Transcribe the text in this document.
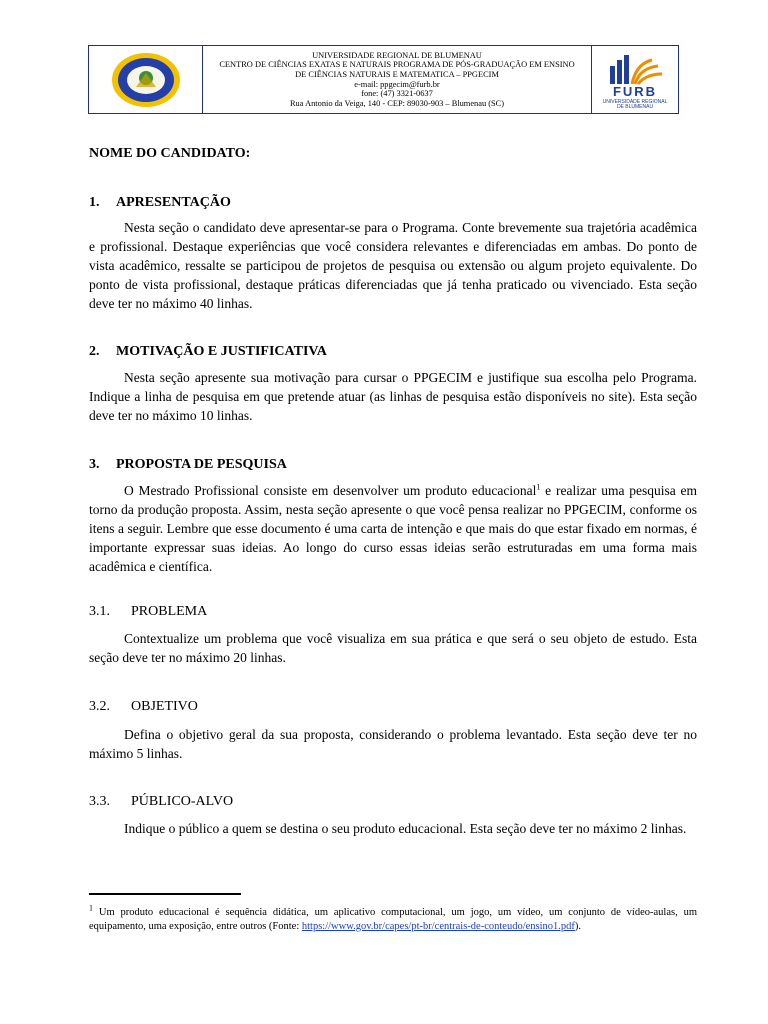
UNIVERSIDADE REGIONAL DE BLUMENAU
CENTRO DE CIÊNCIAS EXATAS E NATURAIS PROGRAMA DE PÓS-GRADUAÇÃO EM ENSINO
DE CIÊNCIAS NATURAIS E MATEMATICA – PPGECIM
e-mail: ppgecim@furb.br
fone: (47) 3321-0637
Rua Antonio da Veiga, 140 - CEP: 89030-903 – Blumenau (SC)
FURB
UNIVERSIDADE REGIONAL
DE BLUMENAU
NOME DO CANDIDATO:
1. APRESENTAÇÃO
Nesta seção o candidato deve apresentar-se para o Programa. Conte brevemente sua trajetória acadêmica e profissional. Destaque experiências que você considera relevantes e diferenciadas em ambas. Do ponto de vista acadêmico, ressalte se participou de projetos de pesquisa ou extensão ou algum projeto equivalente. Do ponto de vista profissional, destaque práticas diferenciadas que já tenha praticado ou vivenciado. Esta seção deve ter no máximo 40 linhas.
2. MOTIVAÇÃO E JUSTIFICATIVA
Nesta seção apresente sua motivação para cursar o PPGECIM e justifique sua escolha pelo Programa. Indique a linha de pesquisa em que pretende atuar (as linhas de pesquisa estão disponíveis no site). Esta seção deve ter no máximo 10 linhas.
3. PROPOSTA DE PESQUISA
O Mestrado Profissional consiste em desenvolver um produto educacional$^1$ e realizar uma pesquisa em torno da produção proposta. Assim, nesta seção apresente o que você pensa realizar no PPGECIM, conforme os itens a seguir. Lembre que esse documento é uma carta de intenção e que mais do que estar fixado em normas, é importante expressar suas ideias. Ao longo do curso essas ideias serão estruturadas em uma forma mais acadêmica e científica.
3.1. PROBLEMA
Contextualize um problema que você visualiza em sua prática e que será o seu objeto de estudo. Esta seção deve ter no máximo 20 linhas.
3.2. OBJETIVO
Defina o objetivo geral da sua proposta, considerando o problema levantado. Esta seção deve ter no máximo 5 linhas.
3.3. PÚBLICO-ALVO
Indique o público a quem se destina o seu produto educacional. Esta seção deve ter no máximo 2 linhas.
$^1$ Um produto educacional é sequência didática, um aplicativo computacional, um jogo, um vídeo, um conjunto de vídeo-aulas, um equipamento, uma exposição, entre outros (Fonte: https://www.gov.br/capes/pt-br/centrais-de-conteudo/ensino1.pdf).
